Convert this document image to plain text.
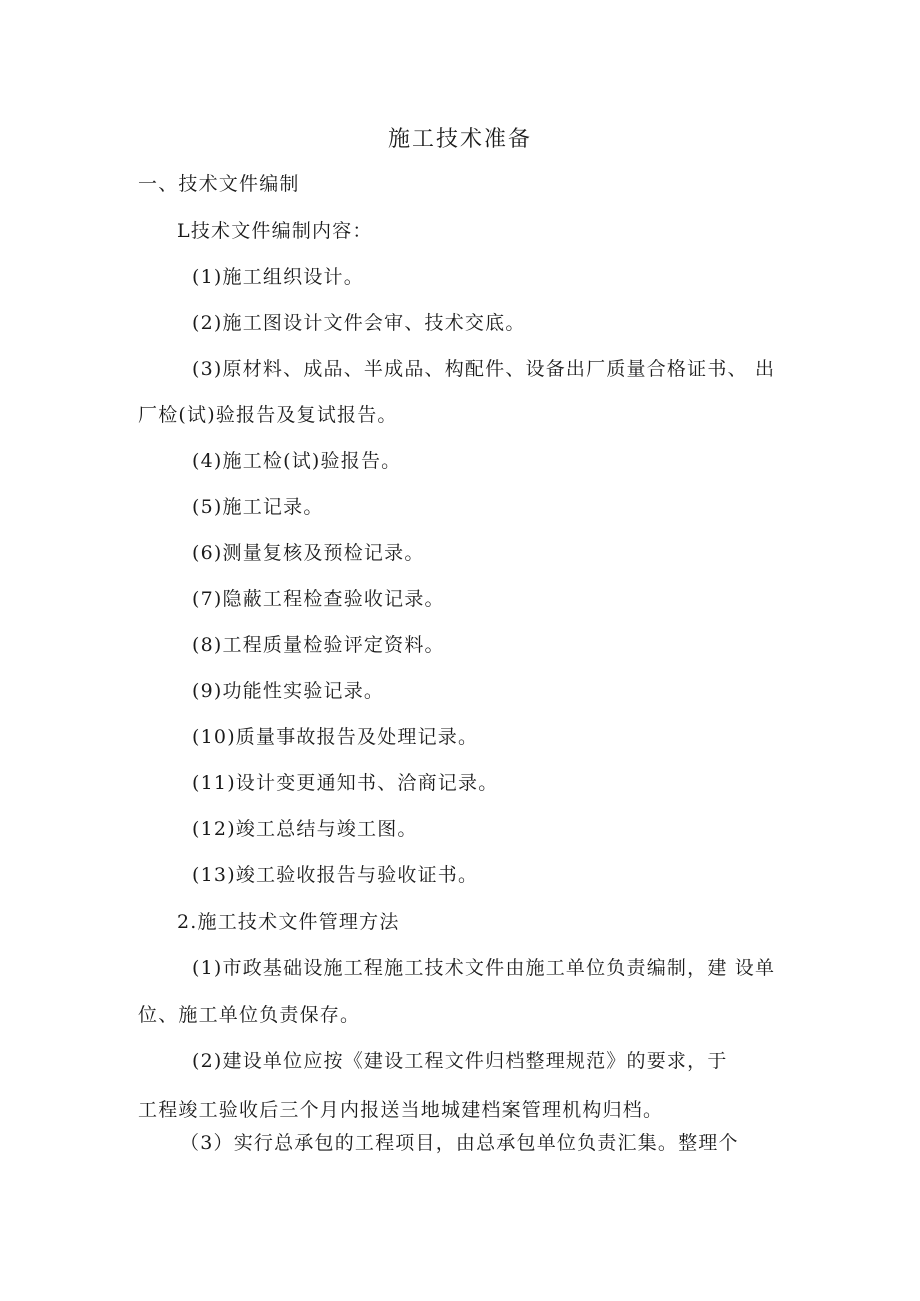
施工技术准备
一、技术文件编制
L技术文件编制内容：
(1)施工组织设计。
(2)施工图设计文件会审、技术交底。
(3)原材料、成品、半成品、构配件、设备出厂质量合格证书、 出
厂检(试)验报告及复试报告。
(4)施工检(试)验报告。
(5)施工记录。
(6)测量复核及预检记录。
(7)隐蔽工程检查验收记录。
(8)工程质量检验评定资料。
(9)功能性实验记录。
(10)质量事故报告及处理记录。
(11)设计变更通知书、洽商记录。
(12)竣工总结与竣工图。
(13)竣工验收报告与验收证书。
2.施工技术文件管理方法
(1)市政基础设施工程施工技术文件由施工单位负责编制，建 设单
位、施工单位负责保存。
(2)建设单位应按《建设工程文件归档整理规范》的要求，于
工程竣工验收后三个月内报送当地城建档案管理机构归档。
（3）实行总承包的工程项目，由总承包单位负责汇集。整理个
